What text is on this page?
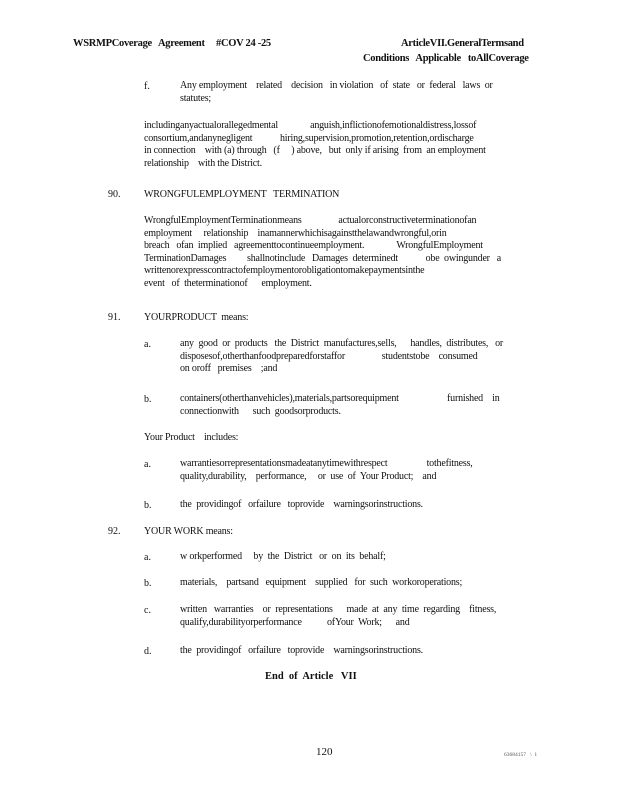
WSRMPCoverage Agreement #COV 24 -25	ArticleVII.GeneralTermsand
Conditions   Applicable   toAllCoverage
f.	Any employment    related    decision   in violation   of  state   or  federal   laws  or
statutes;
includinganyactualorallegedmental              anguish,inflictionofemotionaldistress,lossof
consortium,andanynegligent            hiring,supervision,promotion,retention,ordischarge
in connection    with (a) through   (f     ) above,   but  only if arising  from  an employment
relationship    with the District.
90. WRONGFULEMPLOYMENT   TERMINATION
WrongfulEmploymentTerminationmeans                actualorconstructiveterminationofan
employment     relationship    inamannerwhichisagainstthelawandwrongful,orin
breach   ofan  implied   agreementtocontinueemployment.              WrongfulEmployment
TerminationDamages         shallnotinclude   Damages  determinedt            obe  owingunder   a
writtenorexpresscontractofemploymentorobligationtomakepaymentsinthe
event   of  theterminationof      employment.
91. YOURPRODUCT  means:
a.	any  good  or  products   the  District  manufactures,sells,      handles,  distributes,   or
disposesof,otherthanfoodpreparedforstaffor                studentstobe    consumed
on oroff   premises    ;and
b.	containers(otherthanvehicles),materials,partsorequipment                     furnished    in
connectionwith      such  goodsorproducts.
Your Product    includes:
a.	warrantiesorrepresentationsmadeatanytimewithrespect                 tothefitness,
quality,durability,    performance,     or  use  of  Your Product;    and
b.	the  providingof   orfailure   toprovide    warningsorinstructions.
92. YOUR WORK means:
a.	w orkperformed     by  the  District   or  on  its  behalf;
b.	materials,    partsand   equipment    supplied   for  such  workoroperations;
c.	written   warranties    or  representations      made  at  any  time  regarding    fitness,
qualify,durabilityorperformance           ofYour  Work;      and
d.	the  providingof   orfailure   toprovide    warningsorinstructions.
End  of  Article   VII
120	63684157   \  1
